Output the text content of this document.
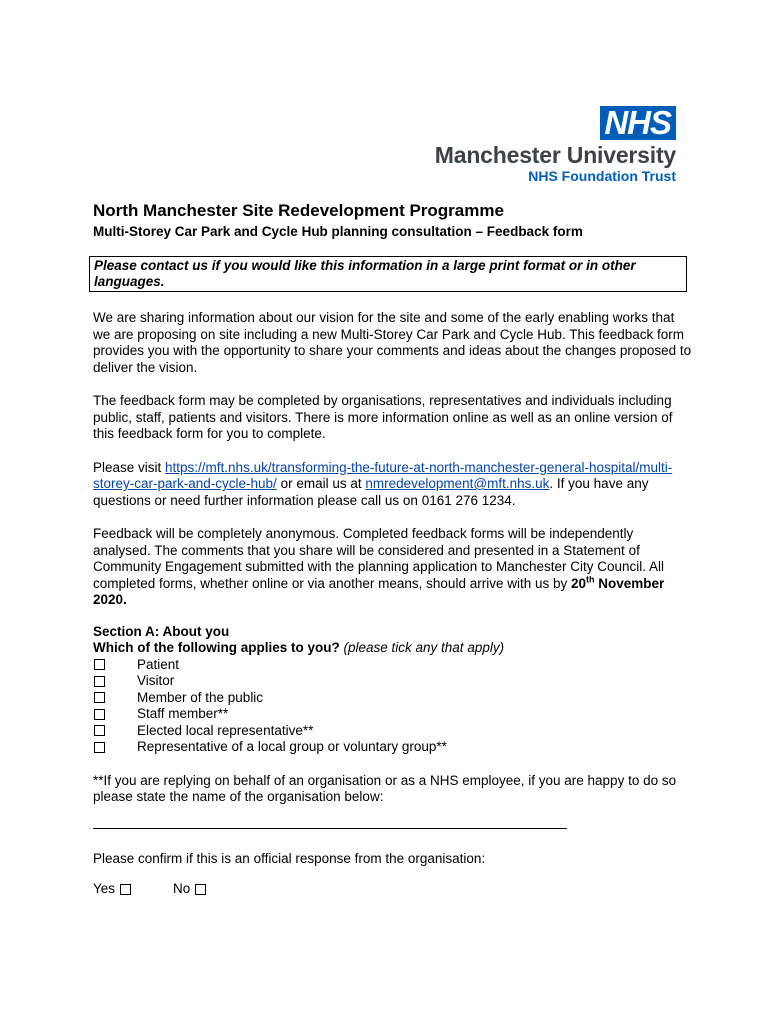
NHS
Manchester University
NHS Foundation Trust
North Manchester Site Redevelopment Programme
Multi-Storey Car Park and Cycle Hub planning consultation – Feedback form
Please contact us if you would like this information in a large print format or in other languages.

We are sharing information about our vision for the site and some of the early enabling works that we are proposing on site including a new Multi-Storey Car Park and Cycle Hub. This feedback form provides you with the opportunity to share your comments and ideas about the changes proposed to deliver the vision.

The feedback form may be completed by organisations, representatives and individuals including public, staff, patients and visitors. There is more information online as well as an online version of this feedback form for you to complete.

Please visit https://mft.nhs.uk/transforming-the-future-at-north-manchester-general-hospital/multi-storey-car-park-and-cycle-hub/ or email us at nmredevelopment@mft.nhs.uk. If you have any questions or need further information please call us on 0161 276 1234.

Feedback will be completely anonymous. Completed feedback forms will be independently analysed. The comments that you share will be considered and presented in a Statement of Community Engagement submitted with the planning application to Manchester City Council. All completed forms, whether online or via another means, should arrive with us by 20th November 2020.

Section A: About you
Which of the following applies to you? (please tick any that apply)
Patient
Visitor
Member of the public
Staff member**
Elected local representative**
Representative of a local group or voluntary group**

**If you are replying on behalf of an organisation or as a NHS employee, if you are happy to do so please state the name of the organisation below:

Please confirm if this is an official response from the organisation:

Yes	No
